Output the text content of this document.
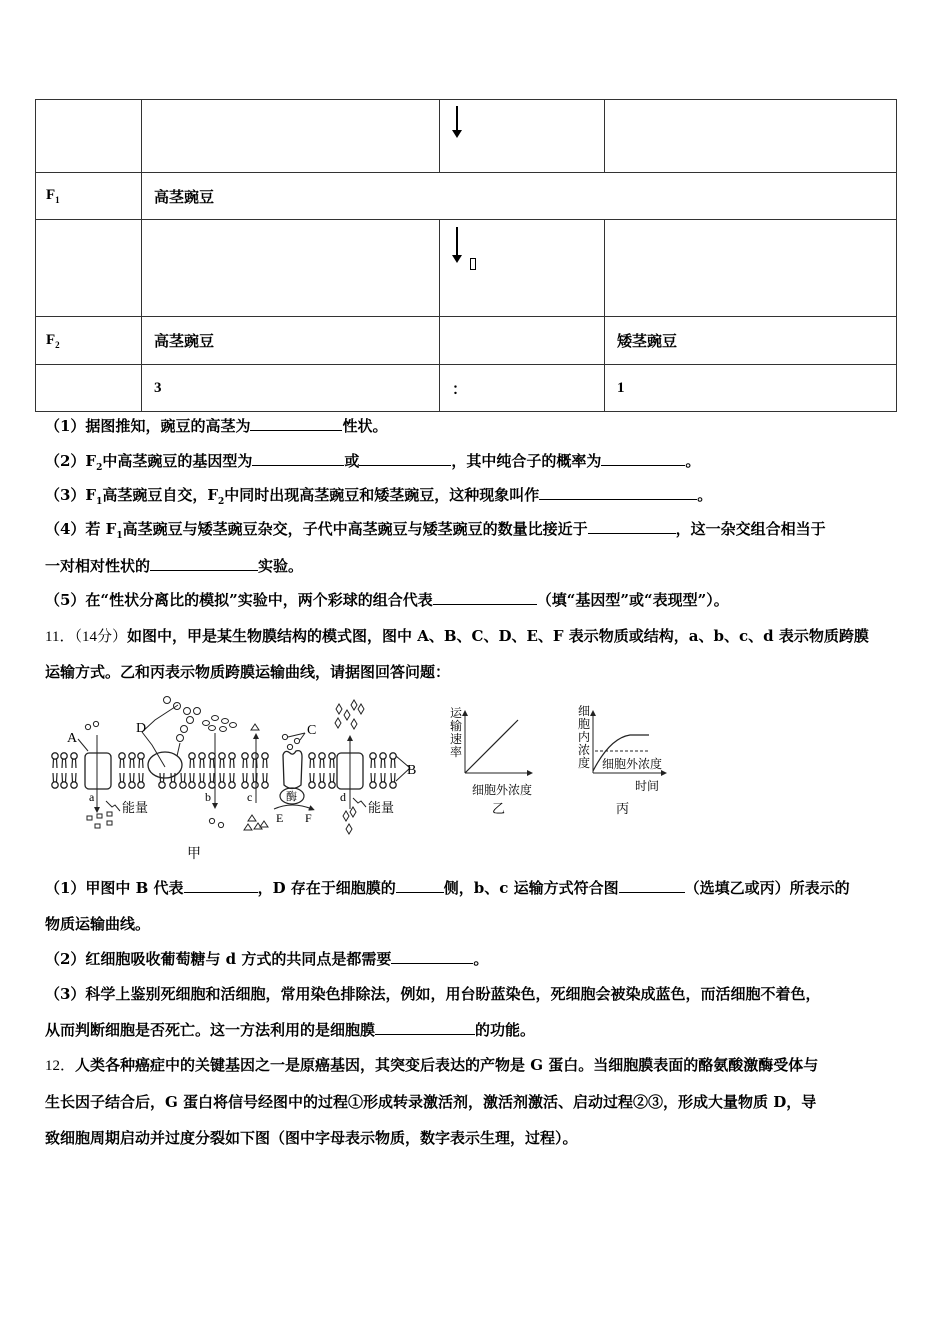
$F_1$	高茎豌豆		

$F_2$	高茎豌豆		矮茎豌豆
	3	：	1
（1）据图推知，豌豆的高茎为	性状。
$(2)F_2$中高茎豌豆的基因型为	或	，其中纯合子的概率为	。
$(3)F_1$高茎豌豆自交，$F_2$中同时出现高茎豌豆和矮茎豌豆，这种现象叫作	。
（4）若 $F_1$高茎豌豆与矮茎豌豆杂交，子代中高茎豌豆与矮茎豌豆的数量比接近于	，这一杂交组合相当于
一对相对性状的	实验。
（5）在“性状分离比的模拟”实验中，两个彩球的组合代表	（填“基因型”或“表现型”）。
11．（14分）如图中，甲是某生物膜结构的模式图，图中 A、B、C、D、E、F 表示物质或结构，a、b、c、d 表示物质跨膜
运输方式。乙和丙表示物质跨膜运输曲线，请据图回答问题：
A
D	C
B
a	b	c	d
酶
E F
能量	能量
甲
运输速率
细胞外浓度
乙
细胞内浓度 细胞外浓度
时间
丙
（1）甲图中 B 代表	，D 存在于细胞膜的	侧，b、c 运输方式符合图	（选填乙或丙）所表示的
物质运输曲线。
（2）红细胞吸收葡萄糖与 d 方式的共同点是都需要	。
（3）科学上鉴别死细胞和活细胞，常用染色排除法，例如，用台盼蓝染色，死细胞会被染成蓝色，而活细胞不着色，
从而判断细胞是否死亡。这一方法利用的是细胞膜	的功能。
12．人类各种癌症中的关键基因之一是原癌基因，其突变后表达的产物是 G 蛋白。当细胞膜表面的酪氨酸激酶受体与
生长因子结合后，G 蛋白将信号经图中的过程①形成转录激活剂，激活剂激活、启动过程②③，形成大量物质 D，导
致细胞周期启动并过度分裂如下图（图中字母表示物质，数字表示生理，过程）。
